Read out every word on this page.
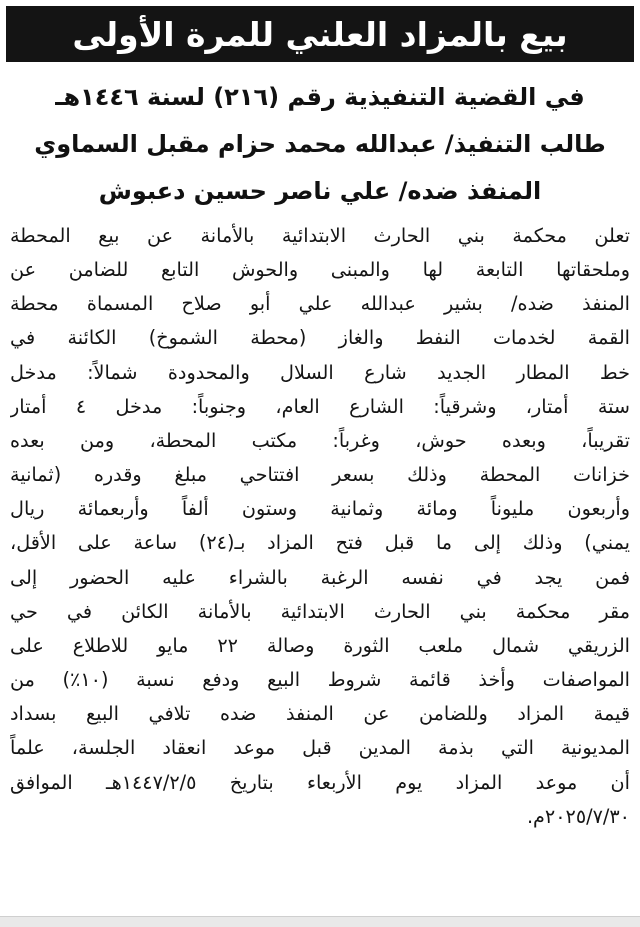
بيع بالمزاد العلني للمرة الأولى
في القضية التنفيذية رقم (٢١٦) لسنة ١٤٤٦هـ
طالب التنفيذ/ عبدالله محمد حزام مقبل السماوي
المنفذ ضده/ علي ناصر حسين دعبوش
تعلن محكمة بني الحارث الابتدائية بالأمانة عن بيع المحطة
وملحقاتها التابعة لها والمبنى والحوش التابع للضامن عن
المنفذ ضده/ بشير عبدالله علي أبو صلاح المسماة محطة
القمة لخدمات النفط والغاز (محطة الشموخ) الكائنة في
خط المطار الجديد شارع السلال والمحدودة شمالاً: مدخل
ستة أمتار، وشرقياً: الشارع العام، وجنوباً: مدخل ٤ أمتار
تقريباً، وبعده حوش، وغرباً: مكتب المحطة، ومن بعده
خزانات المحطة وذلك بسعر افتتاحي مبلغ وقدره (ثمانية
وأربعون مليوناً ومائة وثمانية وستون ألفاً وأربعمائة ريال
يمني) وذلك إلى ما قبل فتح المزاد بـ(٢٤) ساعة على الأقل،
فمن يجد في نفسه الرغبة بالشراء عليه الحضور إلى
مقر محكمة بني الحارث الابتدائية بالأمانة الكائن في حي
الزريقي شمال ملعب الثورة وصالة ٢٢ مايو للاطلاع على
المواصفات وأخذ قائمة شروط البيع ودفع نسبة (١٠٪) من
قيمة المزاد وللضامن عن المنفذ ضده تلافي البيع بسداد
المديونية التي بذمة المدين قبل موعد انعقاد الجلسة، علماً
أن موعد المزاد يوم الأربعاء بتاريخ ١٤٤٧/٢/٥هـ الموافق
٢٠٢٥/٧/٣٠م.
